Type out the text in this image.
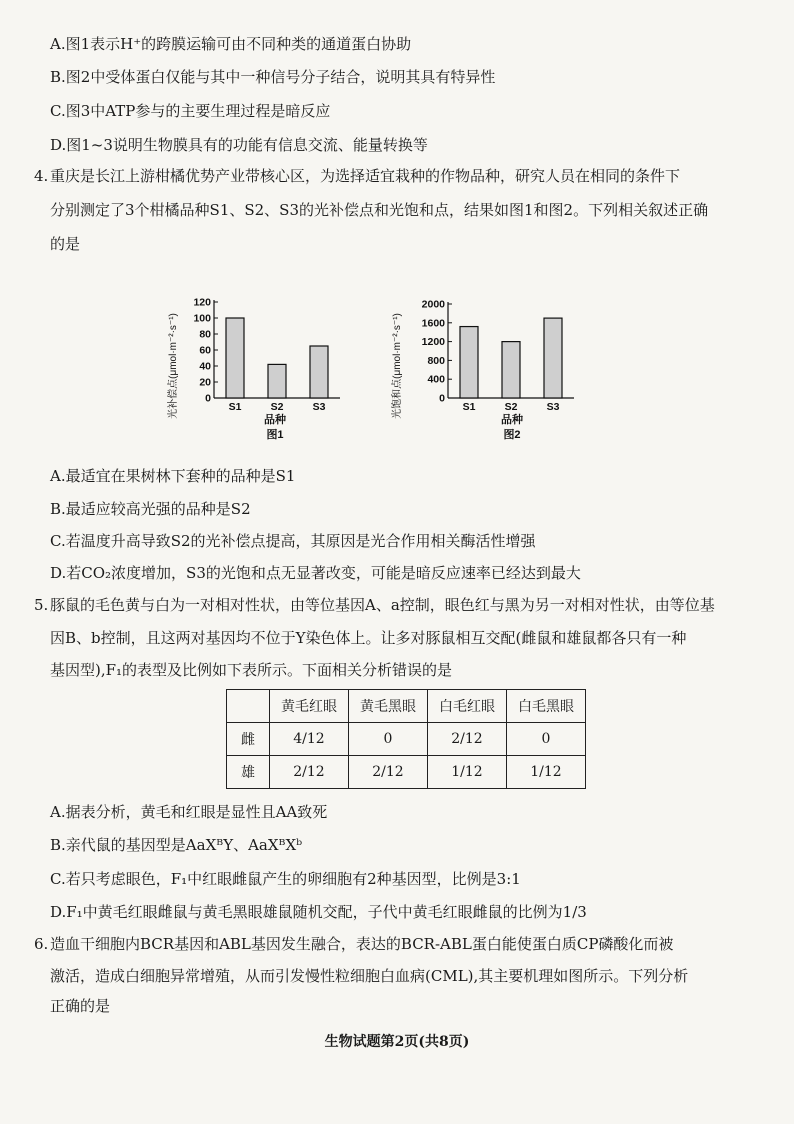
A.图1表示H⁺的跨膜运输可由不同种类的通道蛋白协助
B.图2中受体蛋白仅能与其中一种信号分子结合，说明其具有特异性
C.图3中ATP参与的主要生理过程是暗反应
D.图1~3说明生物膜具有的功能有信息交流、能量转换等
4. 重庆是长江上游柑橘优势产业带核心区，为选择适宜栽种的作物品种，研究人员在相同的条件下
分别测定了3个柑橘品种S1、S2、S3的光补偿点和光饱和点，结果如图1和图2。下列相关叙述正确
的是
0
20
40
60
80
100
120
S1	S2	S3
光补偿点(μmol·m⁻²·s⁻¹)
品种
图1
0
400
800
1200
1600
2000
S1	S2	S3
光饱和点(μmol·m⁻²·s⁻¹)
品种
图2
A.最适宜在果树林下套种的品种是S1
B.最适应较高光强的品种是S2
C.若温度升高导致S2的光补偿点提高，其原因是光合作用相关酶活性增强
D.若CO₂浓度增加，S3的光饱和点无显著改变，可能是暗反应速率已经达到最大
5. 豚鼠的毛色黄与白为一对相对性状，由等位基因A、a控制，眼色红与黑为另一对相对性状，由等位基
因B、b控制，且这两对基因均不位于Y染色体上。让多对豚鼠相互交配(雌鼠和雄鼠都各只有一种
基因型),F₁的表型及比例如下表所示。下面相关分析错误的是
	黄毛红眼	黄毛黑眼	白毛红眼	白毛黑眼
雌	4/12	0	2/12	0
雄	2/12	2/12	1/12	1/12
A.据表分析，黄毛和红眼是显性且AA致死
B.亲代鼠的基因型是AaXᴮY、AaXᴮXᵇ
C.若只考虑眼色，F₁中红眼雌鼠产生的卵细胞有2种基因型，比例是3:1
D.F₁中黄毛红眼雌鼠与黄毛黑眼雄鼠随机交配，子代中黄毛红眼雌鼠的比例为1/3
6. 造血干细胞内BCR基因和ABL基因发生融合，表达的BCR-ABL蛋白能使蛋白质CP磷酸化而被
激活，造成白细胞异常增殖，从而引发慢性粒细胞白血病(CML),其主要机理如图所示。下列分析
正确的是
生物试题第2页(共8页)
